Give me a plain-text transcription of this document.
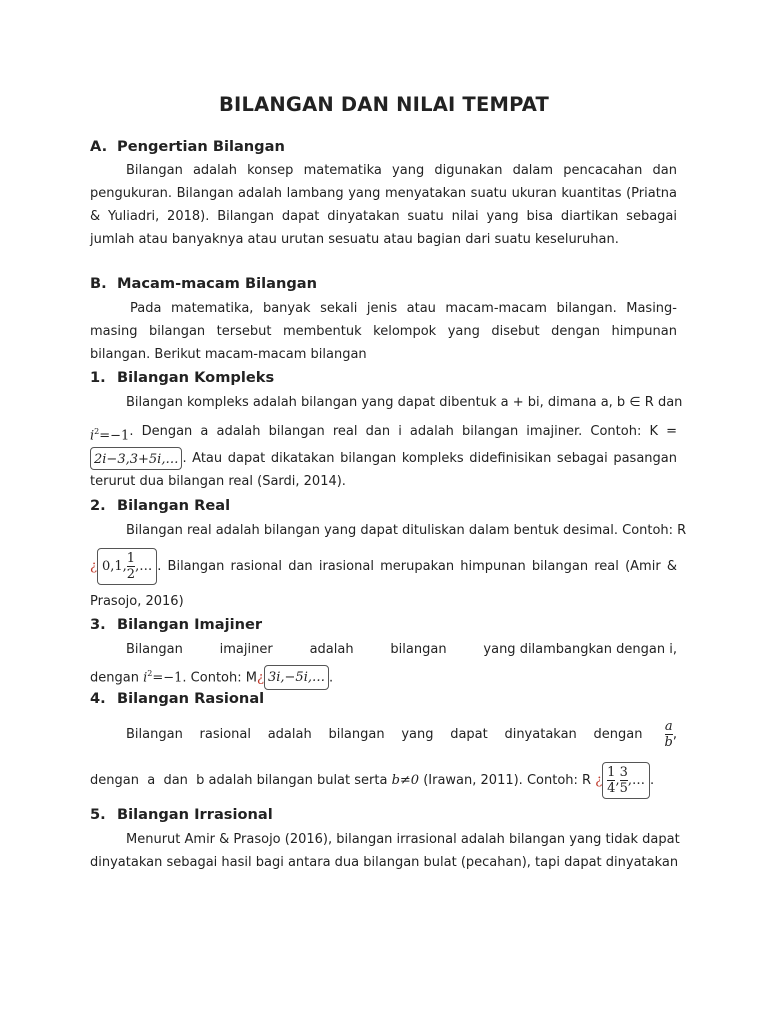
BILANGAN DAN NILAI TEMPAT
A. Pengertian Bilangan
Bilangan adalah konsep matematika yang digunakan dalam pencacahan dan pengukuran. Bilangan adalah lambang yang menyatakan suatu ukuran kuantitas (Priatna & Yuliadri, 2018). Bilangan dapat dinyatakan suatu nilai yang bisa diartikan sebagai jumlah atau banyaknya atau urutan sesuatu atau bagian dari suatu keseluruhan.
B. Macam-macam Bilangan
Pada matematika, banyak sekali jenis atau macam-macam bilangan. Masing-masing bilangan tersebut membentuk kelompok yang disebut dengan himpunan bilangan. Berikut macam-macam bilangan
1. Bilangan Kompleks
Bilangan kompleks adalah bilangan yang dapat dibentuk a + bi, dimana a, b ∈ R dan
$i^2=-1$ . Dengan a adalah bilangan real dan i adalah bilangan imajiner. Contoh: K =
2i−3,3+5i,… . Atau dapat dikatakan bilangan kompleks didefinisikan sebagai pasangan
terurut dua bilangan real (Sardi, 2014).
2. Bilangan Real
Bilangan real adalah bilangan yang dapat dituliskan dalam bentuk desimal. Contoh: R
¿ 0,1, $\frac{1}{2}$ ,… . Bilangan rasional dan irasional merupakan himpunan bilangan real (Amir &
Prasojo, 2016)
3. Bilangan Imajiner
Bilangan	imajiner	adalah	bilangan	yang dilambangkan dengan i,
dengan $i^2=-1$. Contoh: M¿ 3i,−5i,… .
4. Bilangan Rasional
Bilangan rasional adalah bilangan yang dapat dinyatakan dengan $\frac{a}{b}$ ,
dengan  a  dan  b adalah bilangan bulat serta b≠0 (Irawan, 2011). Contoh: R ¿ $\frac{1}{4}$ , $\frac{3}{5}$ ,… .
5. Bilangan Irrasional
Menurut Amir & Prasojo (2016), bilangan irrasional adalah bilangan yang tidak dapat
dinyatakan sebagai hasil bagi antara dua bilangan bulat (pecahan), tapi dapat dinyatakan
